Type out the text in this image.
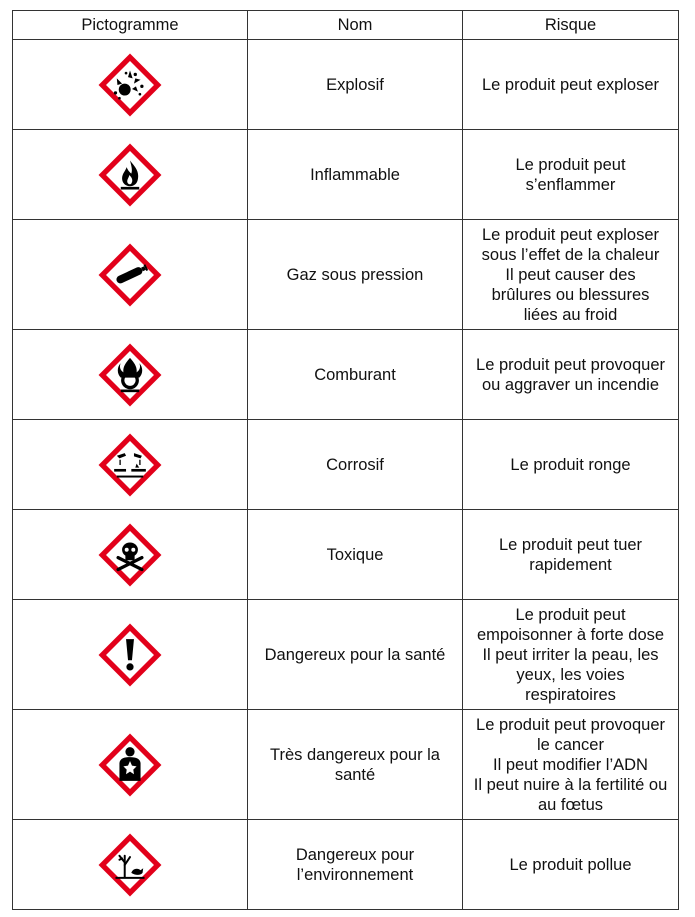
Pictogramme	Nom	Risque

Explosif	Le produit peut exploser

Inflammable	Le produit peut
s’enflammer

Gaz sous pression	Le produit peut exploser
sous l’effet de la chaleur
Il peut causer des
brûlures ou blessures
liées au froid

Comburant	Le produit peut provoquer
ou aggraver un incendie

Corrosif	Le produit ronge

Toxique	Le produit peut tuer
rapidement

Dangereux pour la santé	Le produit peut
empoisonner à forte dose
Il peut irriter la peau, les
yeux, les voies
respiratoires

Très dangereux pour la
santé	Le produit peut provoquer
le cancer
Il peut modifier l’ADN
Il peut nuire à la fertilité ou
au fœtus

Dangereux pour
l’environnement	Le produit pollue
